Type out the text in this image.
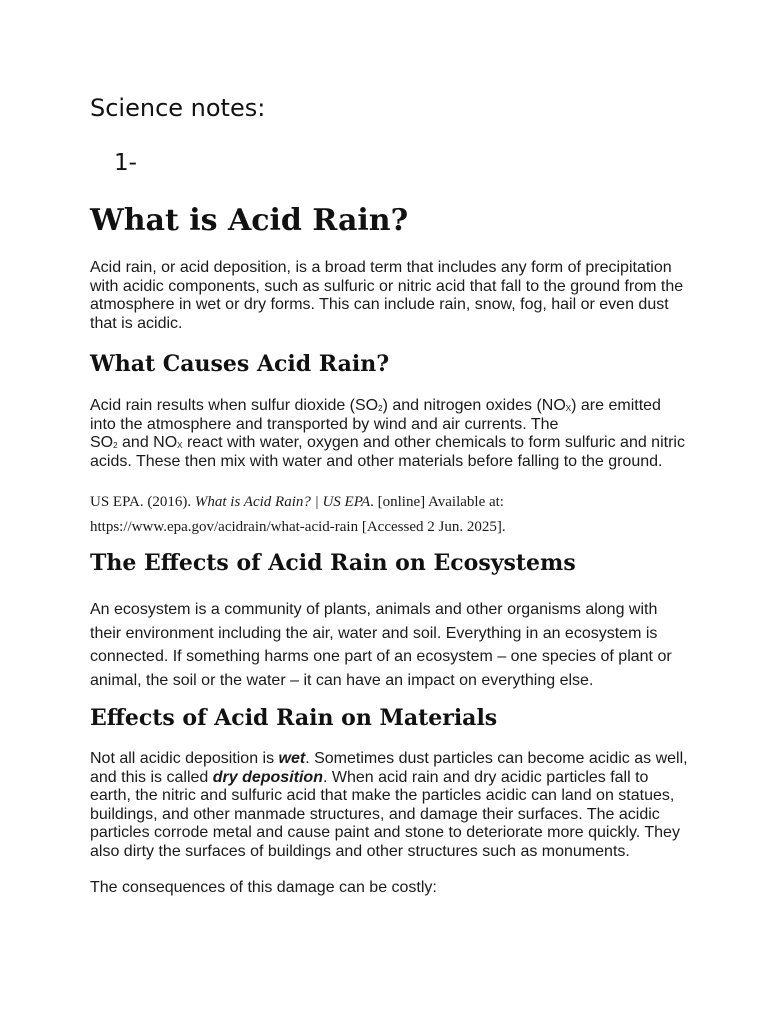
Science notes:
1-
What is Acid Rain?

Acid rain, or acid deposition, is a broad term that includes any form of precipitation
with acidic components, such as sulfuric or nitric acid that fall to the ground from the
atmosphere in wet or dry forms. This can include rain, snow, fog, hail or even dust
that is acidic.

What Causes Acid Rain?

Acid rain results when sulfur dioxide $(SO_2)$ and nitrogen oxides $(NO_X)$ are emitted
into the atmosphere and transported by wind and air currents. The
$SO_2$ and $NO_X$ react with water, oxygen and other chemicals to form sulfuric and nitric
acids. These then mix with water and other materials before falling to the ground.

US EPA. (2016). What is Acid Rain? | US EPA. [online] Available at:
https://www.epa.gov/acidrain/what-acid-rain [Accessed 2 Jun. 2025].

The Effects of Acid Rain on Ecosystems

An ecosystem is a community of plants, animals and other organisms along with
their environment including the air, water and soil. Everything in an ecosystem is
connected. If something harms one part of an ecosystem – one species of plant or
animal, the soil or the water – it can have an impact on everything else.

Effects of Acid Rain on Materials

Not all acidic deposition is wet. Sometimes dust particles can become acidic as well,
and this is called dry deposition. When acid rain and dry acidic particles fall to
earth, the nitric and sulfuric acid that make the particles acidic can land on statues,
buildings, and other manmade structures, and damage their surfaces. The acidic
particles corrode metal and cause paint and stone to deteriorate more quickly. They
also dirty the surfaces of buildings and other structures such as monuments.

The consequences of this damage can be costly:
